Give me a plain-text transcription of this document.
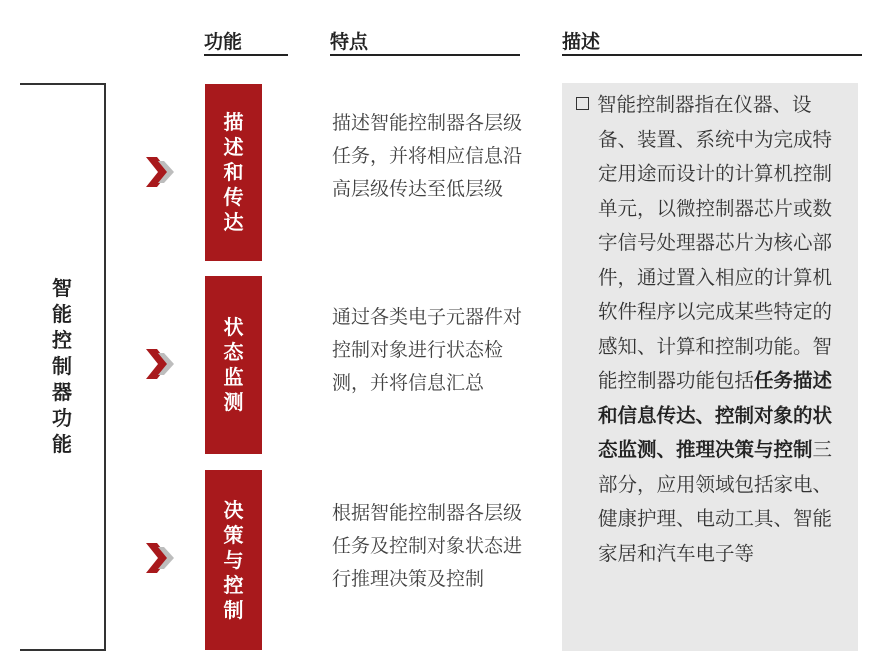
功能	特点	描述
智能控制器功能
描述和传达
状态监测
决策与控制
描述智能控制器各层级任务，并将相应信息沿高层级传达至低层级
通过各类电子元器件对控制对象进行状态检测，并将信息汇总
根据智能控制器各层级任务及控制对象状态进行推理决策及控制
智能控制器指在仪器、设备、装置、系统中为完成特定用途而设计的计算机控制单元，以微控制器芯片或数字信号处理器芯片为核心部件，通过置入相应的计算机软件程序以完成某些特定的感知、计算和控制功能。智能控制器功能包括任务描述和信息传达、控制对象的状态监测、推理决策与控制三部分，应用领域包括家电、健康护理、电动工具、智能家居和汽车电子等
